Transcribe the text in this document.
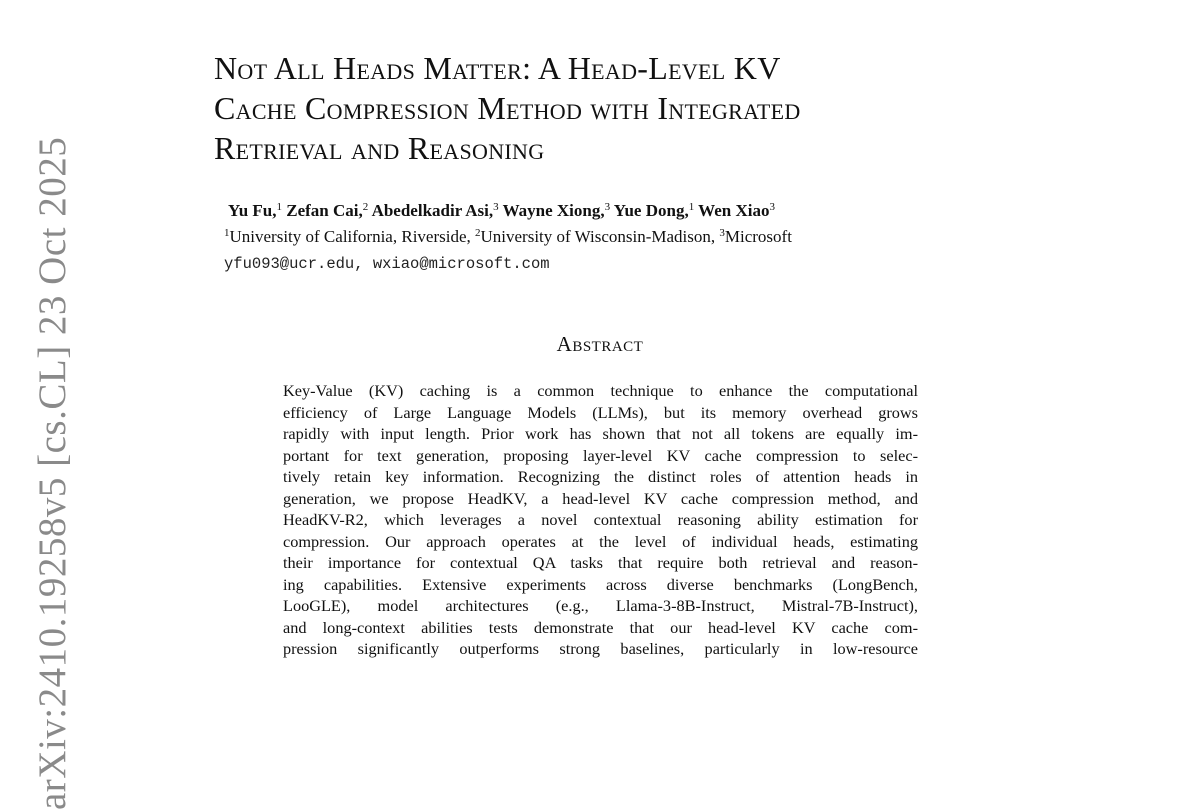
arXiv:2410.19258v5 [cs.CL] 23 Oct 2025
Not All Heads Matter: A Head-Level KV
Cache Compression Method with Integrated
Retrieval and Reasoning
Yu Fu,$^1$ Zefan Cai,$^2$ Abedelkadir Asi,$^3$ Wayne Xiong,$^3$ Yue Dong,$^1$ Wen Xiao$^3$
$^1$University of California, Riverside, $^2$University of Wisconsin-Madison, $^3$Microsoft
yfu093@ucr.edu, wxiao@microsoft.com
Abstract
Key-Value (KV) caching is a common technique to enhance the computational
efficiency of Large Language Models (LLMs), but its memory overhead grows
rapidly with input length. Prior work has shown that not all tokens are equally im-
portant for text generation, proposing layer-level KV cache compression to selec-
tively retain key information. Recognizing the distinct roles of attention heads in
generation, we propose HeadKV, a head-level KV cache compression method, and
HeadKV-R2, which leverages a novel contextual reasoning ability estimation for
compression. Our approach operates at the level of individual heads, estimating
their importance for contextual QA tasks that require both retrieval and reason-
ing capabilities. Extensive experiments across diverse benchmarks (LongBench,
LooGLE), model architectures (e.g., Llama-3-8B-Instruct, Mistral-7B-Instruct),
and long-context abilities tests demonstrate that our head-level KV cache com-
pression significantly outperforms strong baselines, particularly in low-resource
